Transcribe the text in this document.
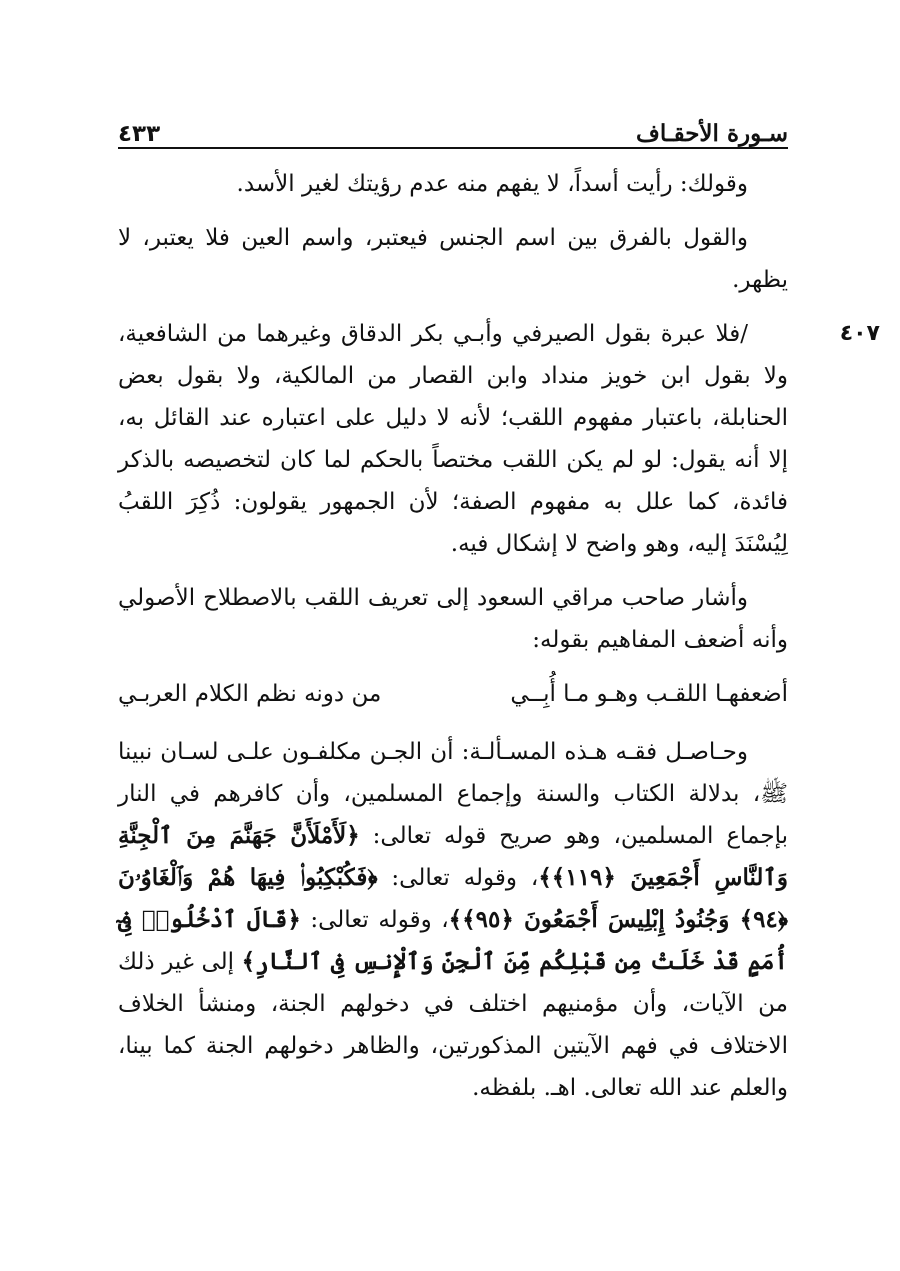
سـورة الأحقـاف
٤٣٣

وقولك: رأيت أسداً، لا يفهم منه عدم رؤيتك لغير الأسد.

والقول بالفرق بين اسم الجنس فيعتبر، واسم العين فلا يعتبر، لا يظهر.

٤٠٧
/فلا عبرة بقول الصيرفي وأبـي بكر الدقاق وغيرهما من الشافعية، ولا بقول ابن خويز منداد وابن القصار من المالكية، ولا بقول بعض الحنابلة، باعتبار مفهوم اللقب؛ لأنه لا دليل على اعتباره عند القائل به، إلا أنه يقول: لو لم يكن اللقب مختصاً بالحكم لما كان لتخصيصه بالذكر فائدة، كما علل به مفهوم الصفة؛ لأن الجمهور يقولون: ذُكِرَ اللقبُ لِيُسْنَدَ إليه، وهو واضح لا إشكال فيه.

وأشار صاحب مراقي السعود إلى تعريف اللقب بالاصطلاح الأصولي وأنه أضعف المفاهيم بقوله:

أضعفهـا اللقـب وهـو مـا أُبِــي
من دونه نظم الكلام العربـي

وحـاصـل فقـه هـذه المسـألـة: أن الجـن مكلفـون علـى لسـان نبينا ﷺ، بدلالة الكتاب والسنة وإجماع المسلمين، وأن كافرهم في النار بإجماع المسلمين، وهو صريح قوله تعالى: ﴿لَأَمْلَأَنَّ جَهَنَّمَ مِنَ ٱلْجِنَّةِ وَٱلنَّاسِ أَجْمَعِينَ ﴿١١٩﴾﴾، وقوله تعالى: ﴿فَكُبْكِبُوا۟ فِيهَا هُمْ وَٱلْغَاوُۥنَ ﴿٩٤﴾ وَجُنُودُ إِبْلِيسَ أَجْمَعُونَ ﴿٩٥﴾﴾، وقوله تعالى: ﴿قَالَ ٱدْخُلُوا۟ فِىٓ أُمَمٍ قَدْ خَلَتْ مِن قَبْلِكُم مِّنَ ٱلْجِنِّ وَٱلْإِنسِ فِى ٱلنَّارِ﴾ إلى غير ذلك من الآيات، وأن مؤمنيهم اختلف في دخولهم الجنة، ومنشأ الخلاف الاختلاف في فهم الآيتين المذكورتين، والظاهر دخولهم الجنة كما بينا، والعلم عند الله تعالى. اهـ. بلفظه.
